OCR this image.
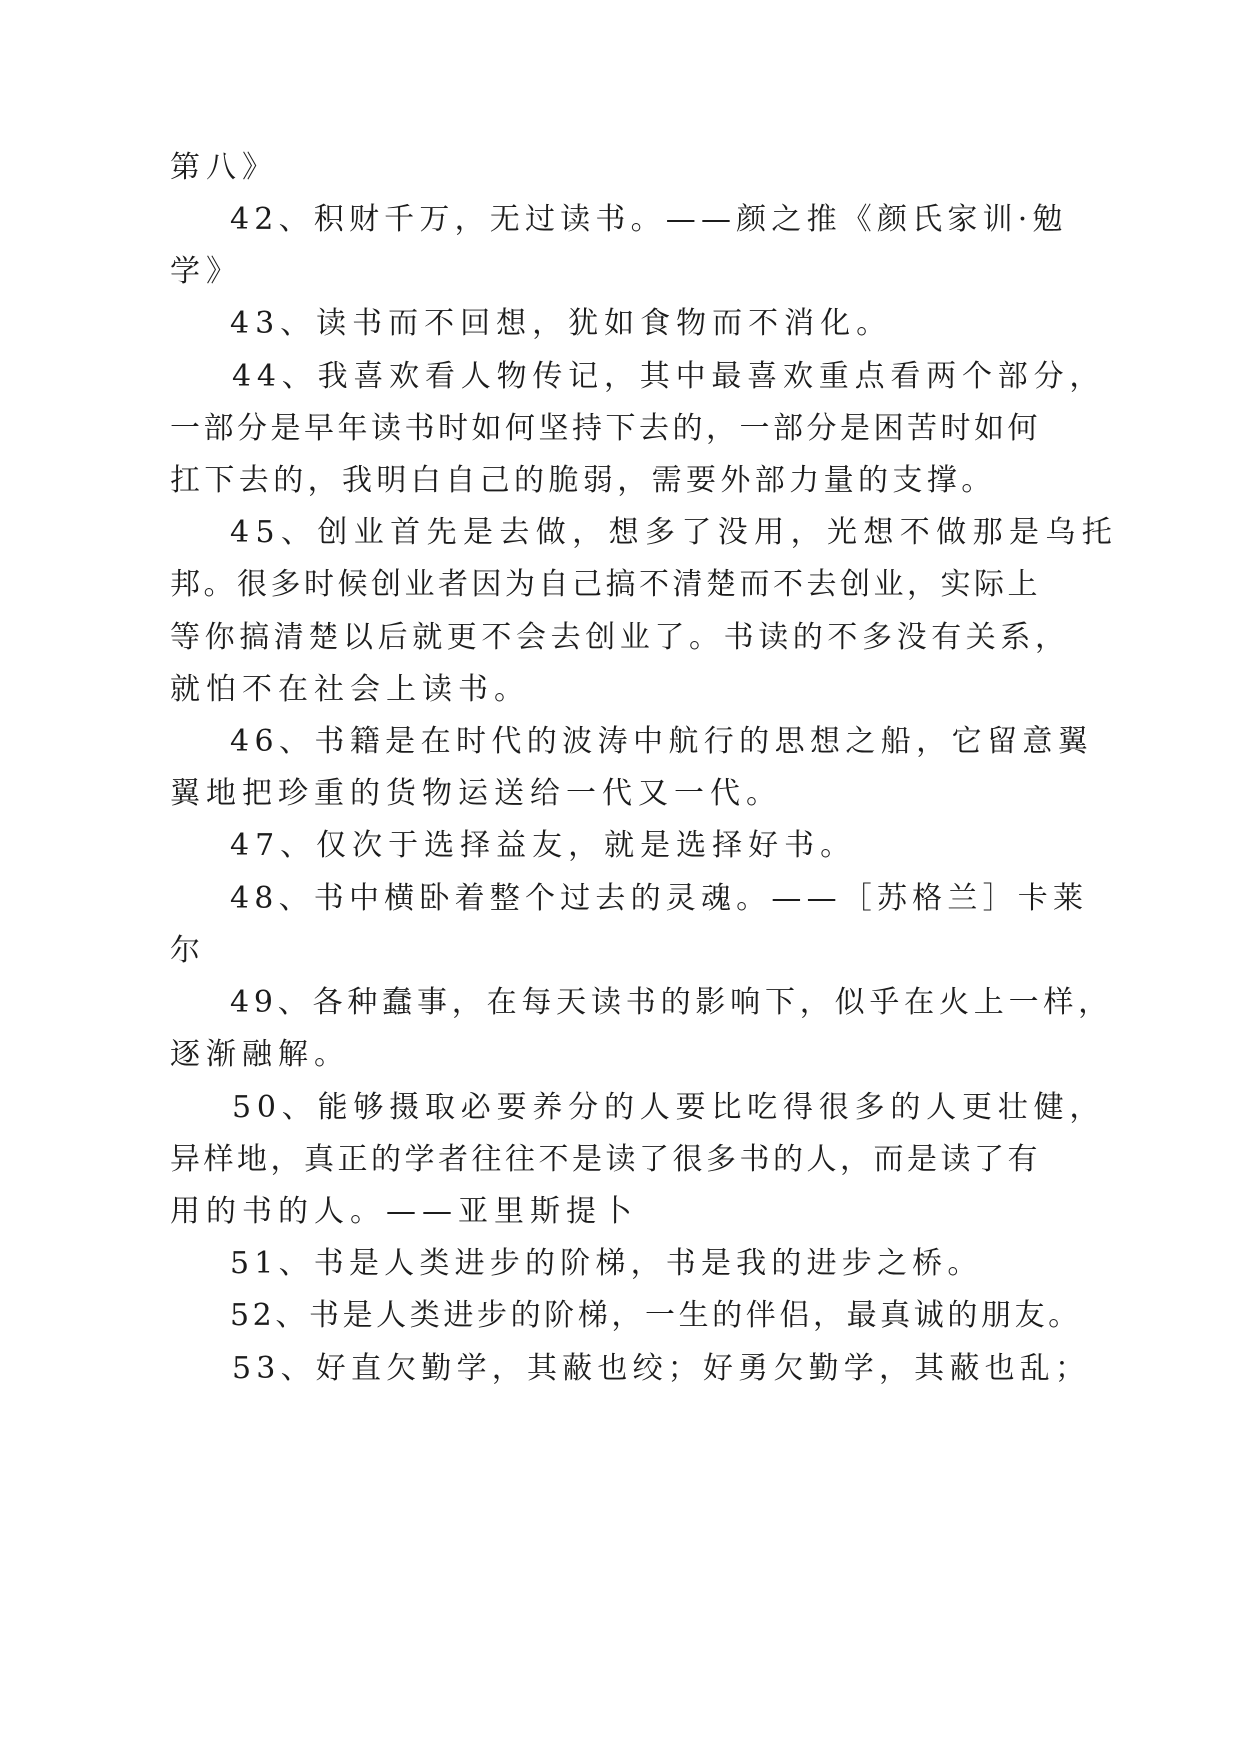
第八》
42、积财千万，无过读书。——颜之推《颜氏家训·勉
学》
43、读书而不回想，犹如食物而不消化。
44、我喜欢看人物传记，其中最喜欢重点看两个部分，
一部分是早年读书时如何坚持下去的，一部分是困苦时如何
扛下去的，我明白自己的脆弱，需要外部力量的支撑。
45、创业首先是去做，想多了没用，光想不做那是乌托
邦。很多时候创业者因为自己搞不清楚而不去创业，实际上
等你搞清楚以后就更不会去创业了。书读的不多没有关系，
就怕不在社会上读书。
46、书籍是在时代的波涛中航行的思想之船，它留意翼
翼地把珍重的货物运送给一代又一代。
47、仅次于选择益友，就是选择好书。
48、书中横卧着整个过去的灵魂。——［苏格兰］卡莱
尔
49、各种蠢事，在每天读书的影响下，似乎在火上一样，
逐渐融解。
50、能够摄取必要养分的人要比吃得很多的人更壮健，
异样地，真正的学者往往不是读了很多书的人，而是读了有
用的书的人。——亚里斯提卜
51、书是人类进步的阶梯，书是我的进步之桥。
52、书是人类进步的阶梯，一生的伴侣，最真诚的朋友。
53、好直欠勤学，其蔽也绞；好勇欠勤学，其蔽也乱；
